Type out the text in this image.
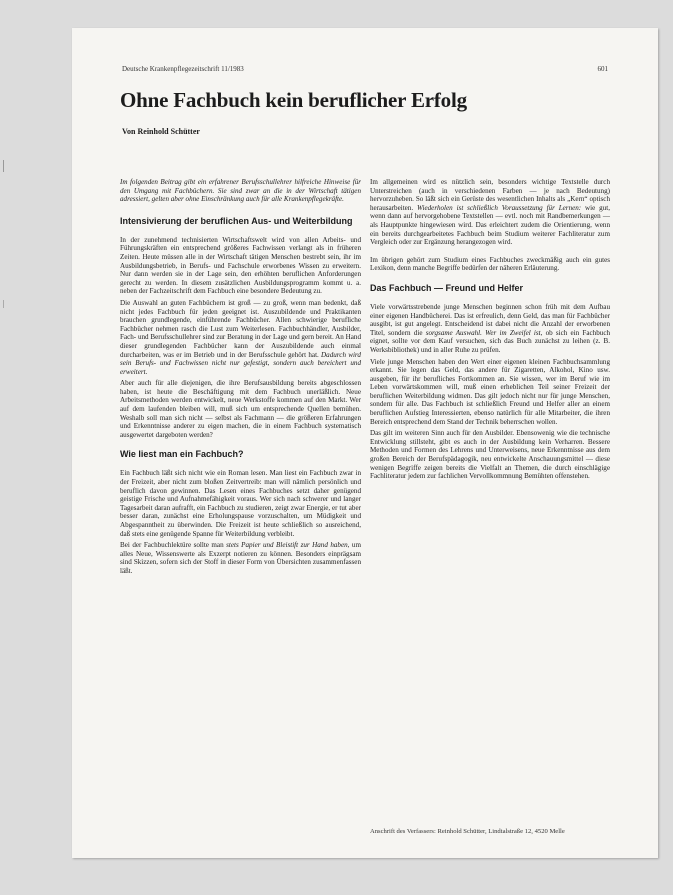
Deutsche Krankenpflegezeitschrift 11/1983	601
Ohne Fachbuch kein beruflicher Erfolg
Von Reinhold Schütter

Im folgenden Beitrag gibt ein erfahrener Berufsschullehrer hilfreiche Hinweise für den Umgang mit Fachbüchern. Sie sind zwar an die in der Wirtschaft tätigen adressiert, gelten aber ohne Einschränkung auch für alle Krankenpflegekräfte.

Intensivierung der beruflichen Aus- und Weiterbildung

In der zunehmend technisierten Wirtschaftswelt wird von allen Arbeits- und Führungskräften ein entsprechend größeres Fachwissen verlangt als in früheren Zeiten. Heute müssen alle in der Wirtschaft tätigen Menschen bestrebt sein, ihr im Ausbildungsbetrieb, in Berufs- und Fachschule erworbenes Wissen zu erweitern. Nur dann werden sie in der Lage sein, den erhöhten beruflichen Anforderungen gerecht zu werden. In diesem zusätzlichen Ausbildungsprogramm kommt u. a. neben der Fachzeitschrift dem Fachbuch eine besondere Bedeutung zu.

Die Auswahl an guten Fachbüchern ist groß — zu groß, wenn man bedenkt, daß nicht jedes Fachbuch für jeden geeignet ist. Auszubildende und Praktikanten brauchen grundlegende, einführende Fachbücher. Allen schwierige berufliche Fachbücher nehmen rasch die Lust zum Weiterlesen. Fachbuchhändler, Ausbilder, Fach- und Berufsschullehrer sind zur Beratung in der Lage und gern bereit. An Hand dieser grundlegenden Fachbücher kann der Auszubildende auch einmal durcharbeiten, was er im Betrieb und in der Berufsschule gehört hat. Dadurch wird sein Berufs- und Fachwissen nicht nur gefestigt, sondern auch bereichert und erweitert.

Aber auch für alle diejenigen, die ihre Berufsausbildung bereits abgeschlossen haben, ist heute die Beschäftigung mit dem Fachbuch unerläßlich. Neue Arbeitsmethoden werden entwickelt, neue Werkstoffe kommen auf den Markt. Wer auf dem laufenden bleiben will, muß sich um entsprechende Quellen bemühen. Weshalb soll man sich nicht — selbst als Fachmann — die größeren Erfahrungen und Erkenntnisse anderer zu eigen machen, die in einem Fachbuch systematisch ausgewertet dargeboten werden?

Wie liest man ein Fachbuch?

Ein Fachbuch läßt sich nicht wie ein Roman lesen. Man liest ein Fachbuch zwar in der Freizeit, aber nicht zum bloßen Zeitvertreib: man will nämlich persönlich und beruflich davon gewinnen. Das Lesen eines Fachbuches setzt daher genügend geistige Frische und Aufnahmefähigkeit voraus. Wer sich nach schwerer und langer Tagesarbeit daran aufrafft, ein Fachbuch zu studieren, zeigt zwar Energie, er tut aber besser daran, zunächst eine Erholungspause vorzuschalten, um Müdigkeit und Abgespanntheit zu überwinden. Die Freizeit ist heute schließlich so ausreichend, daß stets eine genügende Spanne für Weiterbildung verbleibt.

Bei der Fachbuchlektüre sollte man stets Papier und Bleistift zur Hand haben, um alles Neue, Wissenswerte als Exzerpt notieren zu können. Besonders einprägsam sind Skizzen, sofern sich der Stoff in dieser Form von Übersichten zusammenfassen läßt.

Im allgemeinen wird es nützlich sein, besonders wichtige Textstelle durch Unterstreichen (auch in verschiedenen Farben — je nach Bedeutung) hervorzuheben. So läßt sich ein Gerüste des wesentlichen Inhalts als „Kern“ optisch herausarbeiten. Wiederholen ist schließlich Voraussetzung für Lernen: wie gut, wenn dann auf hervorgehobene Textstellen — evtl. noch mit Randbemerkungen — als Hauptpunkte hingewiesen wird. Das erleichtert zudem die Orientierung, wenn ein bereits durchgearbeitetes Fachbuch beim Studium weiterer Fachliteratur zum Vergleich oder zur Ergänzung herangezogen wird.

Im übrigen gehört zum Studium eines Fachbuches zweckmäßig auch ein gutes Lexikon, denn manche Begriffe bedürfen der näheren Erläuterung.

Das Fachbuch — Freund und Helfer

Viele vorwärtsstrebende junge Menschen beginnen schon früh mit dem Aufbau einer eigenen Handbücherei. Das ist erfreulich, denn Geld, das man für Fachbücher ausgibt, ist gut angelegt. Entscheidend ist dabei nicht die Anzahl der erworbenen Titel, sondern die sorgsame Auswahl. Wer im Zweifel ist, ob sich ein Fachbuch eignet, sollte vor dem Kauf versuchen, sich das Buch zunächst zu leihen (z. B. Werksbibliothek) und in aller Ruhe zu prüfen.

Viele junge Menschen haben den Wert einer eigenen kleinen Fachbuchsammlung erkannt. Sie legen das Geld, das andere für Zigaretten, Alkohol, Kino usw. ausgeben, für ihr berufliches Fortkommen an. Sie wissen, wer im Beruf wie im Leben vorwärtskommen will, muß einen erheblichen Teil seiner Freizeit der beruflichen Weiterbildung widmen. Das gilt jedoch nicht nur für junge Menschen, sondern für alle. Das Fachbuch ist schließlich Freund und Helfer aller an einem beruflichen Aufstieg Interessierten, ebenso natürlich für alle Mitarbeiter, die ihren Bereich entsprechend dem Stand der Technik beherrschen wollen.

Das gilt im weiteren Sinn auch für den Ausbilder. Ebensowenig wie die technische Entwicklung stillsteht, gibt es auch in der Ausbildung kein Verharren. Bessere Methoden und Formen des Lehrens und Unterweisens, neue Erkenntnisse aus dem großen Bereich der Berufspädagogik, neu entwickelte Anschauungsmittel — diese wenigen Begriffe zeigen bereits die Vielfalt an Themen, die durch einschlägige Fachliteratur jedem zur fachlichen Vervollkommnung Bemühten offenstehen.

Anschrift des Verfassers: Reinhold Schütter, Lindtalstraße 12, 4520 Melle
